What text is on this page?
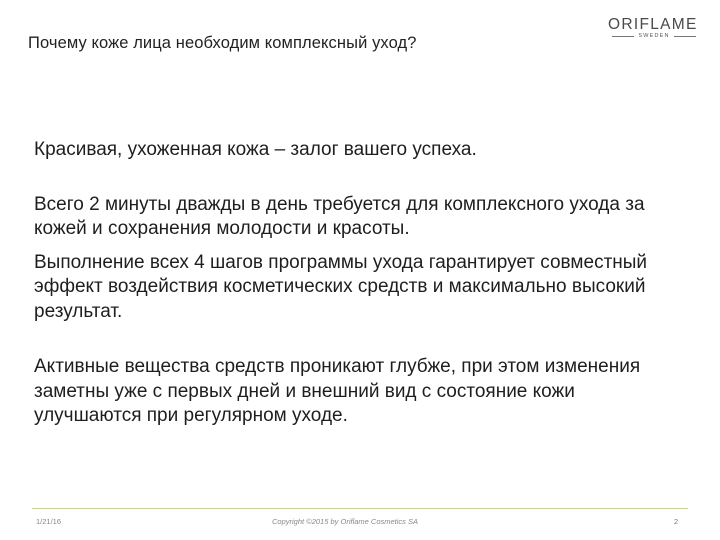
Почему коже лица необходим комплексный уход?
ORIFLAME
SWEDEN

Красивая, ухоженная кожа – залог вашего успеха.

Всего 2 минуты дважды в день требуется для комплексного ухода за кожей и сохранения молодости и красоты.

Выполнение всех 4 шагов программы ухода гарантирует совместный эффект воздействия косметических средств и максимально высокий результат.

Активные вещества средств проникают глубже, при этом изменения заметны уже с первых дней и внешний вид с состояние кожи улучшаются при регулярном уходе.

1/21/16	Copyright ©2015 by Oriflame Cosmetics SA	2
